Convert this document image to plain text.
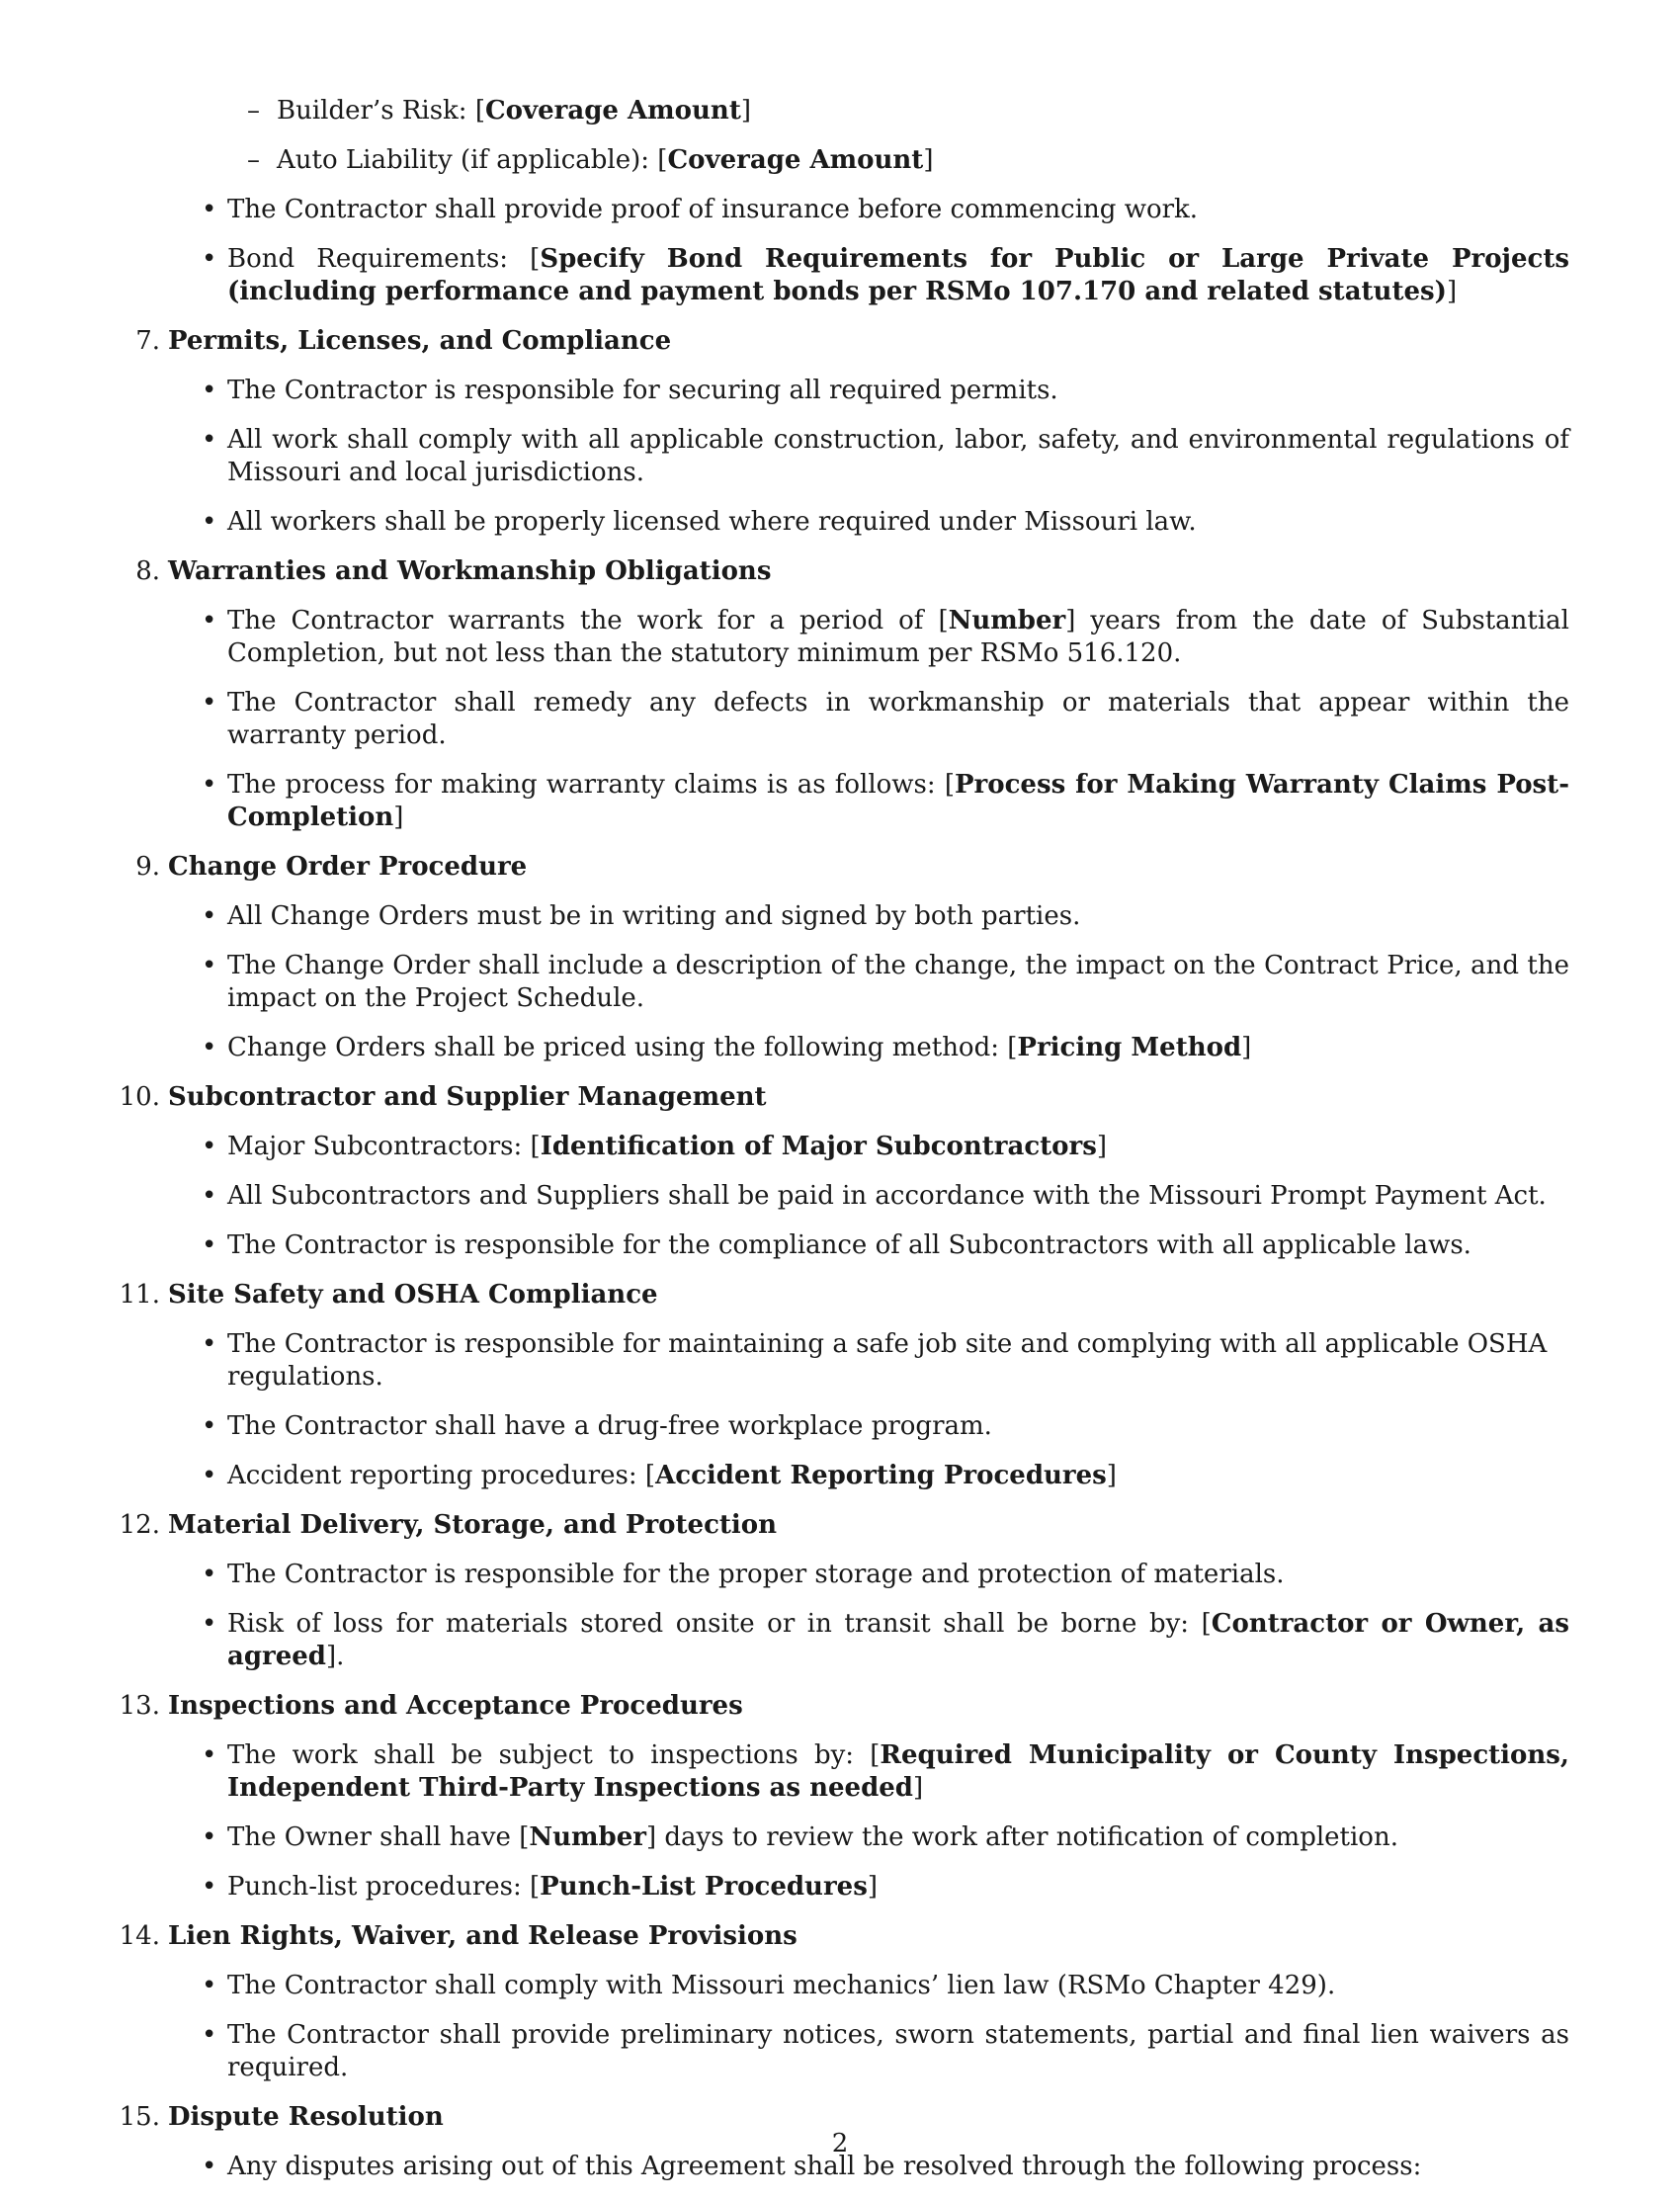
– Builder’s Risk: [Coverage Amount]
– Auto Liability (if applicable): [Coverage Amount]
• The Contractor shall provide proof of insurance before commencing work.
• Bond Requirements: [Specify Bond Requirements for Public or Large Private Projects (including performance and payment bonds per RSMo 107.170 and related statutes)]
7. Permits, Licenses, and Compliance
• The Contractor is responsible for securing all required permits.
• All work shall comply with all applicable construction, labor, safety, and environmental regulations of Missouri and local jurisdictions.
• All workers shall be properly licensed where required under Missouri law.
8. Warranties and Workmanship Obligations
• The Contractor warrants the work for a period of [Number] years from the date of Substantial Completion, but not less than the statutory minimum per RSMo 516.120.
• The Contractor shall remedy any defects in workmanship or materials that appear within the warranty period.
• The process for making warranty claims is as follows: [Process for Making Warranty Claims Post-Completion]
9. Change Order Procedure
• All Change Orders must be in writing and signed by both parties.
• The Change Order shall include a description of the change, the impact on the Contract Price, and the impact on the Project Schedule.
• Change Orders shall be priced using the following method: [Pricing Method]
10. Subcontractor and Supplier Management
• Major Subcontractors: [Identification of Major Subcontractors]
• All Subcontractors and Suppliers shall be paid in accordance with the Missouri Prompt Payment Act.
• The Contractor is responsible for the compliance of all Subcontractors with all applicable laws.
11. Site Safety and OSHA Compliance
• The Contractor is responsible for maintaining a safe job site and complying with all applicable OSHA regulations.
• The Contractor shall have a drug-free workplace program.
• Accident reporting procedures: [Accident Reporting Procedures]
12. Material Delivery, Storage, and Protection
• The Contractor is responsible for the proper storage and protection of materials.
• Risk of loss for materials stored onsite or in transit shall be borne by: [Contractor or Owner, as agreed].
13. Inspections and Acceptance Procedures
• The work shall be subject to inspections by: [Required Municipality or County Inspections, Independent Third-Party Inspections as needed]
• The Owner shall have [Number] days to review the work after notification of completion.
• Punch-list procedures: [Punch-List Procedures]
14. Lien Rights, Waiver, and Release Provisions
• The Contractor shall comply with Missouri mechanics’ lien law (RSMo Chapter 429).
• The Contractor shall provide preliminary notices, sworn statements, partial and final lien waivers as required.
15. Dispute Resolution
• Any disputes arising out of this Agreement shall be resolved through the following process:
2
